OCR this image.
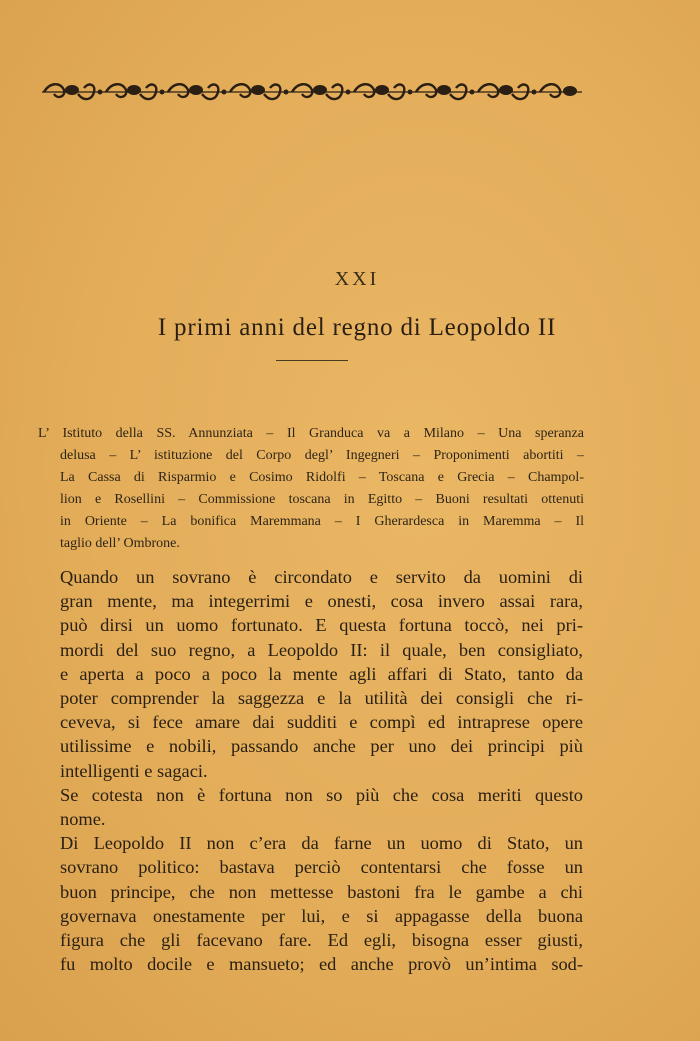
XXI
I primi anni del regno di Leopoldo II
L’ Istituto della SS. Annunziata – Il Granduca va a Milano – Una speranza
delusa – L’ istituzione del Corpo degl’ Ingegneri – Proponimenti abortiti –
La Cassa di Risparmio e Cosimo Ridolfi – Toscana e Grecia – Champol-
lion e Rosellini – Commissione toscana in Egitto – Buoni resultati ottenuti
in Oriente – La bonifica Maremmana – I Gherardesca in Maremma – Il
taglio dell’ Ombrone.
Quando un sovrano è circondato e servito da uomini di
gran mente, ma integerrimi e onesti, cosa invero assai rara,
può dirsi un uomo fortunato. E questa fortuna toccò, nei pri-
mordi del suo regno, a Leopoldo II: il quale, ben consigliato,
e aperta a poco a poco la mente agli affari di Stato, tanto da
poter comprender la saggezza e la utilità dei consigli che ri-
ceveva, si fece amare dai sudditi e compì ed intraprese opere
utilissime e nobili, passando anche per uno dei principi più
intelligenti e sagaci.
Se cotesta non è fortuna non so più che cosa meriti questo
nome.
Di Leopoldo II non c’era da farne un uomo di Stato, un
sovrano politico: bastava perciò contentarsi che fosse un
buon principe, che non mettesse bastoni fra le gambe a chi
governava onestamente per lui, e si appagasse della buona
figura che gli facevano fare. Ed egli, bisogna esser giusti,
fu molto docile e mansueto; ed anche provò un’intima sod-
